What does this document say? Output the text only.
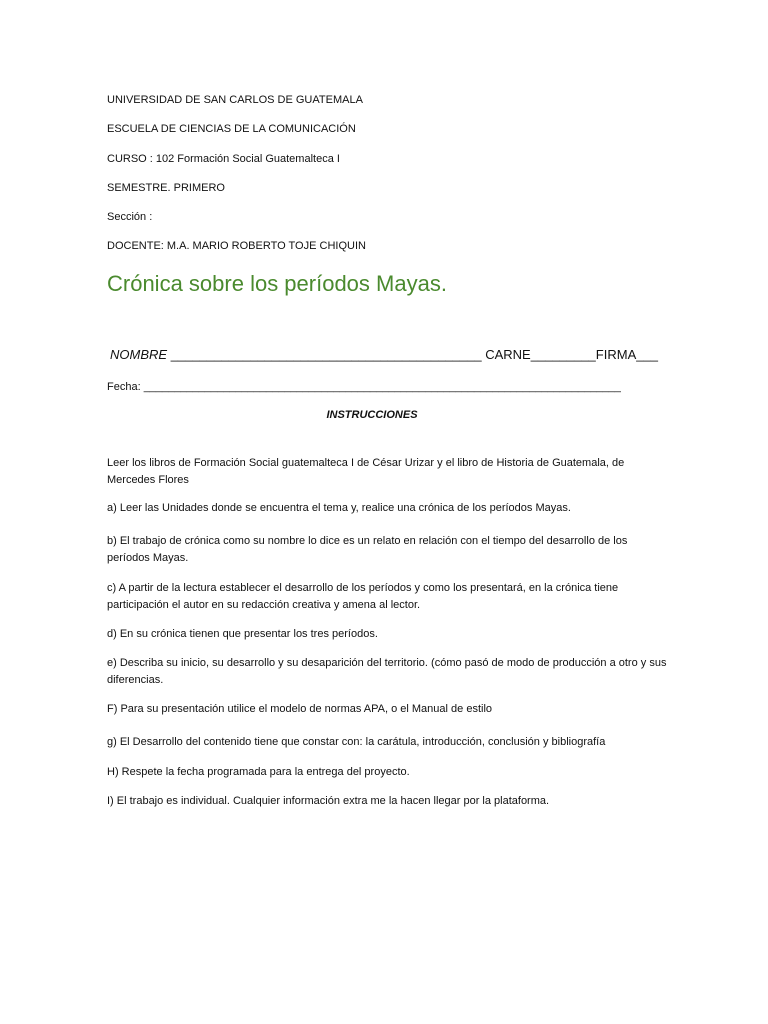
UNIVERSIDAD DE SAN CARLOS DE GUATEMALA
ESCUELA DE CIENCIAS DE LA COMUNICACIÓN
CURSO : 102 Formación Social Guatemalteca I
SEMESTRE. PRIMERO
Sección :
DOCENTE: M.A. MARIO ROBERTO TOJE CHIQUIN
Crónica sobre los períodos Mayas.
NOMBRE ___________________________________________ CARNE_________FIRMA___
Fecha: ______________________________________________________________________________
INSTRUCCIONES
Leer los libros de Formación Social guatemalteca I de César Urizar y el libro de Historia de Guatemala, de Mercedes Flores
a) Leer las Unidades donde se encuentra el tema y, realice una crónica de los períodos Mayas.
b) El trabajo de crónica como su nombre lo dice es un relato en relación con el tiempo del desarrollo de los períodos Mayas.
c) A partir de la lectura establecer el desarrollo de los períodos y como los presentará, en la crónica tiene participación el autor en su redacción creativa y amena al lector.
d) En su crónica tienen que presentar los tres períodos.
e) Describa su inicio, su desarrollo y su desaparición del territorio. (cómo pasó de modo de producción a otro y sus diferencias.
F) Para su presentación utilice el modelo de normas APA, o el Manual de estilo
g) El Desarrollo del contenido tiene que constar con: la carátula, introducción, conclusión y bibliografía
H) Respete la fecha programada para la entrega del proyecto.
I) El trabajo es individual. Cualquier información extra me la hacen llegar por la plataforma.
